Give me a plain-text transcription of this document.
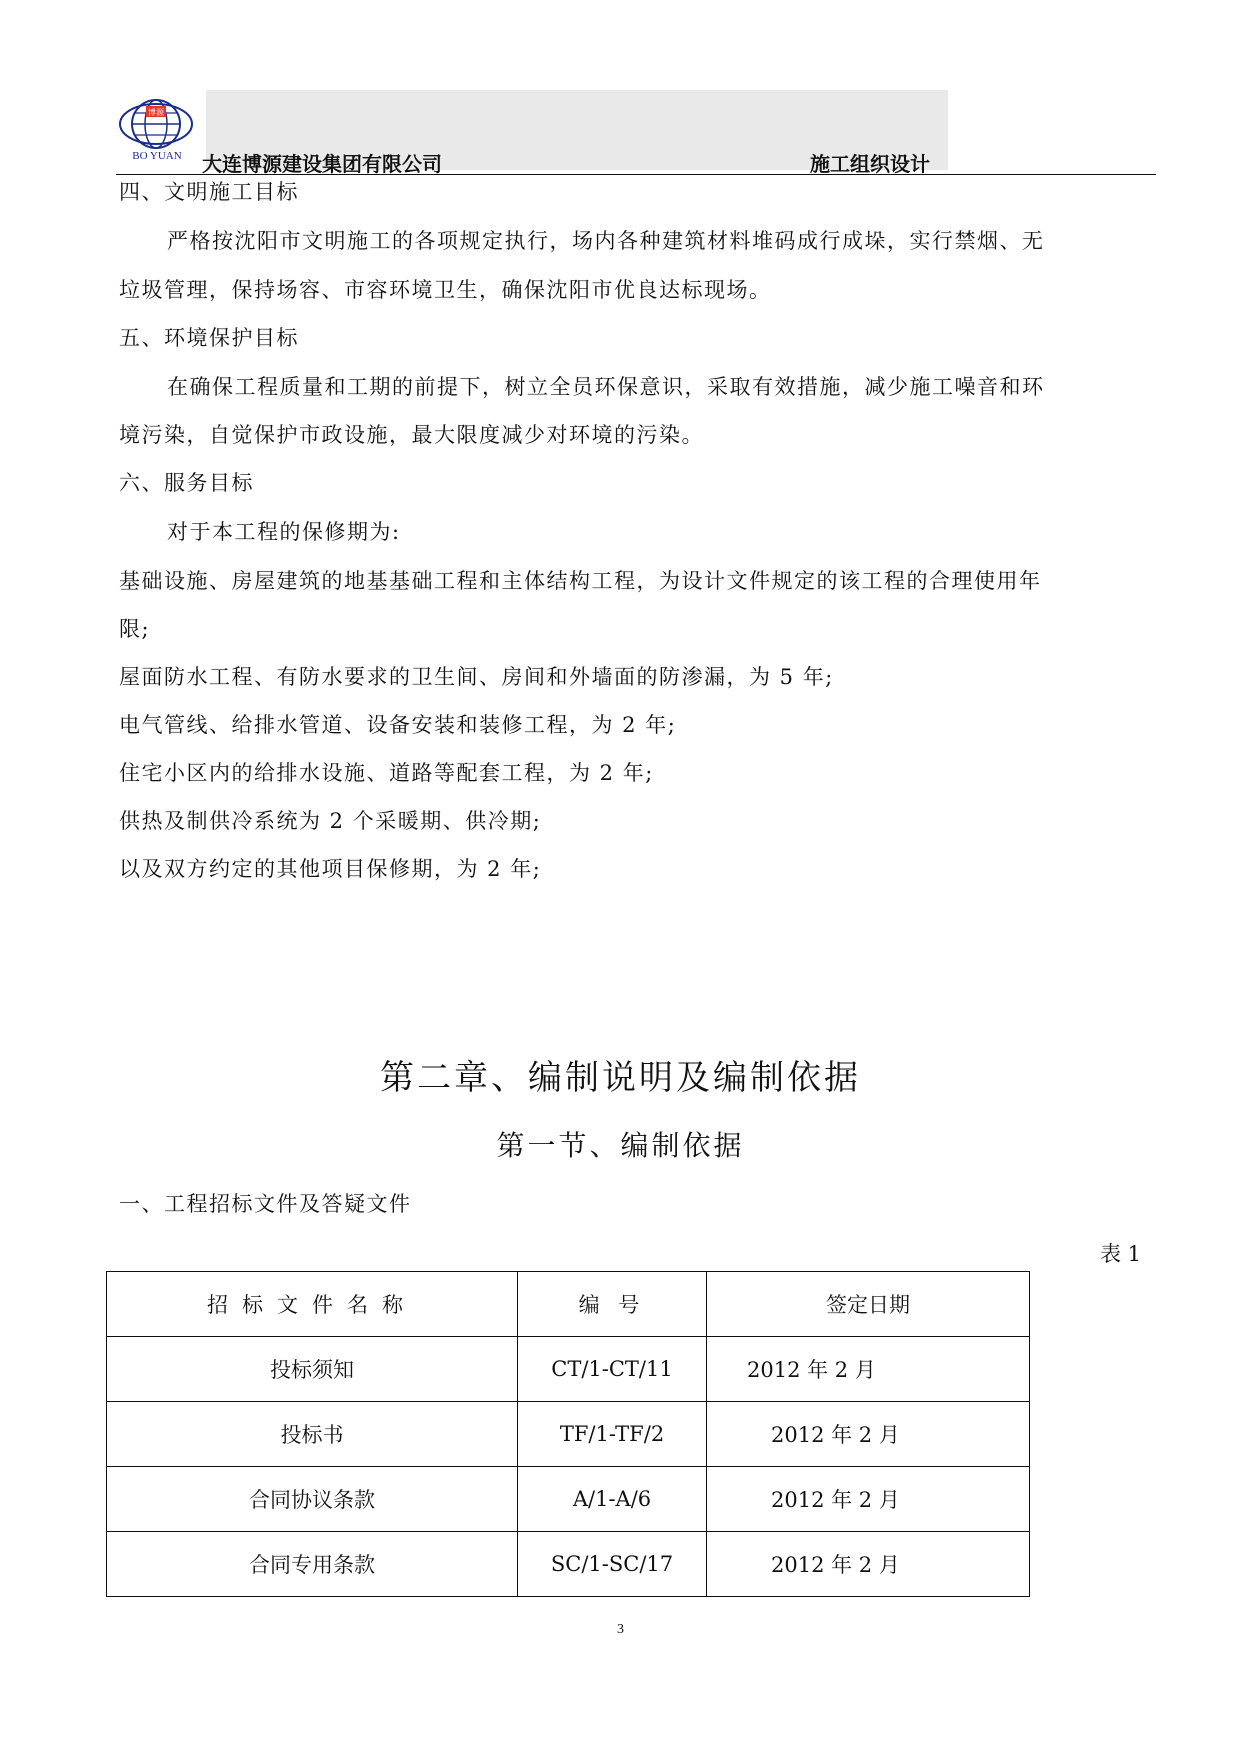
博源
BO YUAN	大连博源建设集团有限公司	施工组织设计
四、文明施工目标
严格按沈阳市文明施工的各项规定执行，场内各种建筑材料堆码成行成垛，实行禁烟、无
垃圾管理，保持场容、市容环境卫生，确保沈阳市优良达标现场。
五、环境保护目标
在确保工程质量和工期的前提下，树立全员环保意识，采取有效措施，减少施工噪音和环
境污染，自觉保护市政设施，最大限度减少对环境的污染。
六、服务目标
对于本工程的保修期为:
基础设施、房屋建筑的地基基础工程和主体结构工程，为设计文件规定的该工程的合理使用年
限;
屋面防水工程、有防水要求的卫生间、房间和外墙面的防渗漏，为 5 年;
电气管线、给排水管道、设备安装和装修工程，为 2 年;
住宅小区内的给排水设施、道路等配套工程，为 2 年;
供热及制供冷系统为 2 个采暖期、供冷期;
以及双方约定的其他项目保修期，为 2 年;
第二章、编制说明及编制依据
第一节、编制依据
一、工程招标文件及答疑文件
表 1
招标文件名称	编 号	签定日期
投标须知	CT/1-CT/11	2012 年 2 月
投标书	TF/1-TF/2	2012 年 2 月
合同协议条款	A/1-A/6	2012 年 2 月
合同专用条款	SC/1-SC/17	2012 年 2 月
3
